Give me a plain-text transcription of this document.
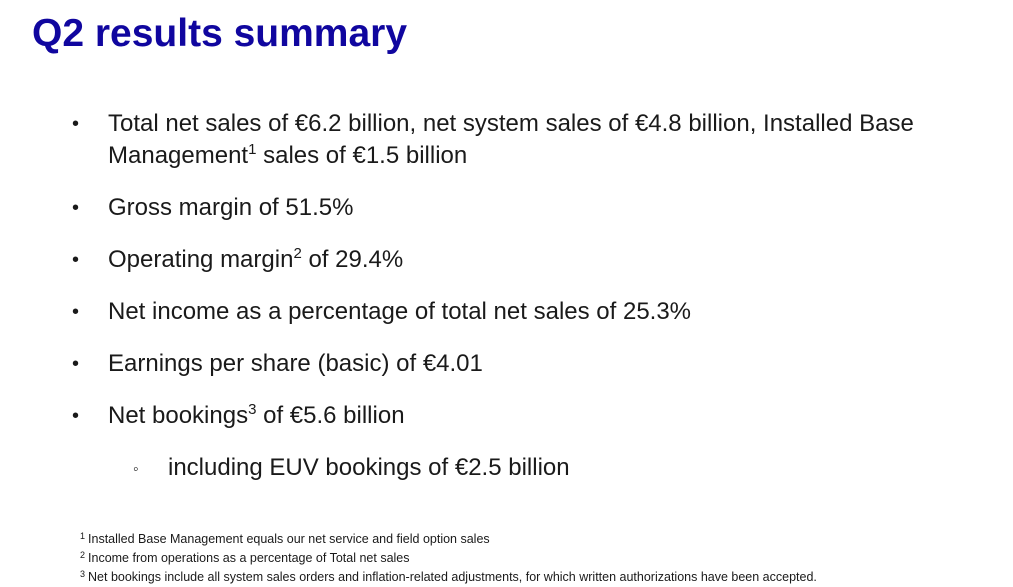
Q2 results summary
• Total net sales of €6.2 billion, net system sales of €4.8 billion, Installed Base
Management$^1$ sales of €1.5 billion
• Gross margin of 51.5%
• Operating margin$^2$ of 29.4%
• Net income as a percentage of total net sales of 25.3%
• Earnings per share (basic) of €4.01
• Net bookings$^3$ of €5.6 billion
◦ including EUV bookings of €2.5 billion
$^1$ Installed Base Management equals our net service and field option sales
$^2$ Income from operations as a percentage of Total net sales
$^3$ Net bookings include all system sales orders and inflation-related adjustments, for which written authorizations have been accepted.
